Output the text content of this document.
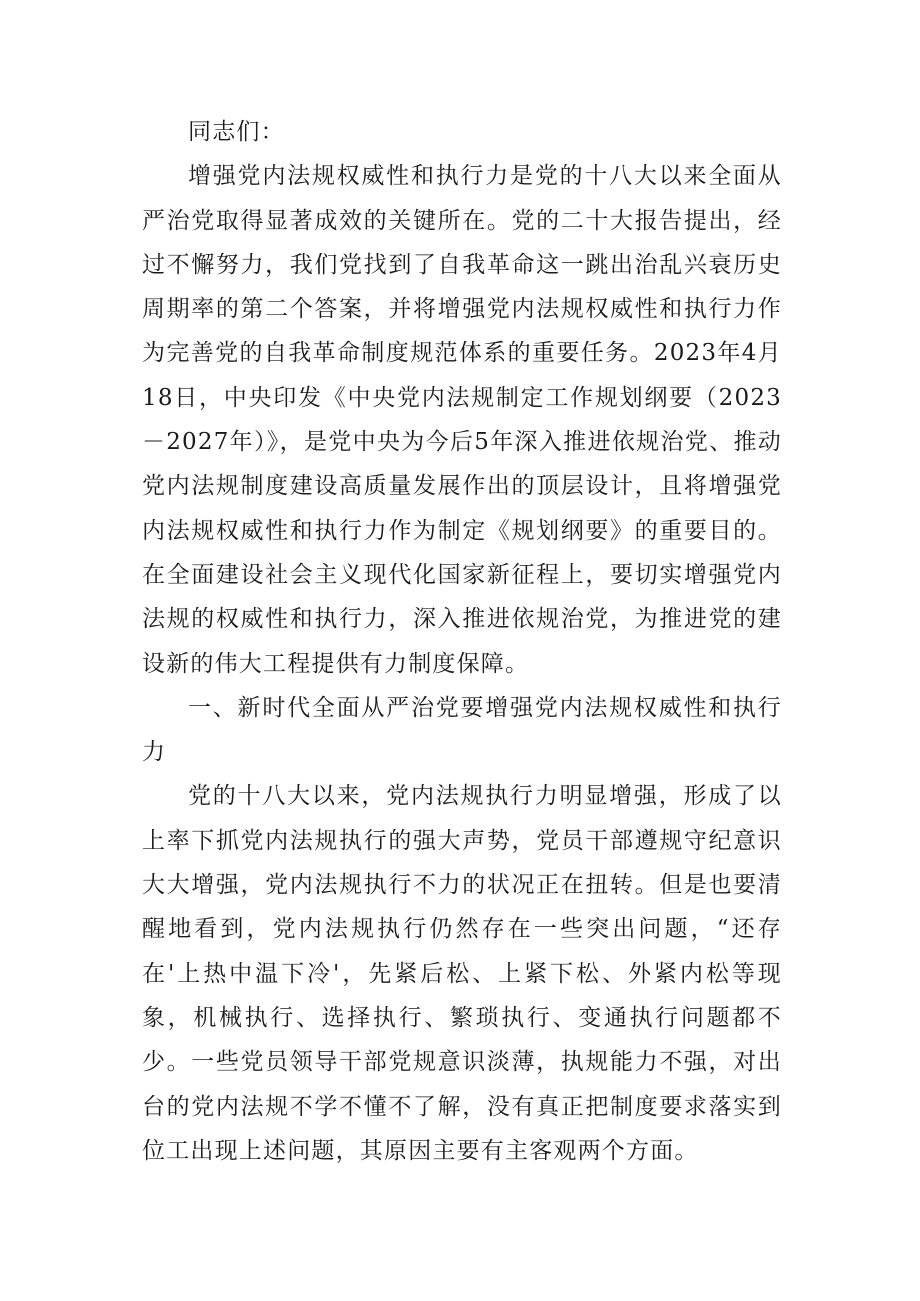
同志们：

增强党内法规权威性和执行力是党的十八大以来全面从严治党取得显著成效的关键所在。党的二十大报告提出，经过不懈努力，我们党找到了自我革命这一跳出治乱兴衰历史周期率的第二个答案，并将增强党内法规权威性和执行力作为完善党的自我革命制度规范体系的重要任务。2023年4月18日，中央印发《中央党内法规制定工作规划纲要（2023－2027年）》，是党中央为今后5年深入推进依规治党、推动党内法规制度建设高质量发展作出的顶层设计，且将增强党内法规权威性和执行力作为制定《规划纲要》的重要目的。在全面建设社会主义现代化国家新征程上，要切实增强党内法规的权威性和执行力，深入推进依规治党，为推进党的建设新的伟大工程提供有力制度保障。

一、新时代全面从严治党要增强党内法规权威性和执行力

党的十八大以来，党内法规执行力明显增强，形成了以上率下抓党内法规执行的强大声势，党员干部遵规守纪意识大大增强，党内法规执行不力的状况正在扭转。但是也要清醒地看到，党内法规执行仍然存在一些突出问题，“还存在'上热中温下冷'，先紧后松、上紧下松、外紧内松等现象，机械执行、选择执行、繁琐执行、变通执行问题都不少。一些党员领导干部党规意识淡薄，执规能力不强，对出台的党内法规不学不懂不了解，没有真正把制度要求落实到位工出现上述问题，其原因主要有主客观两个方面。
